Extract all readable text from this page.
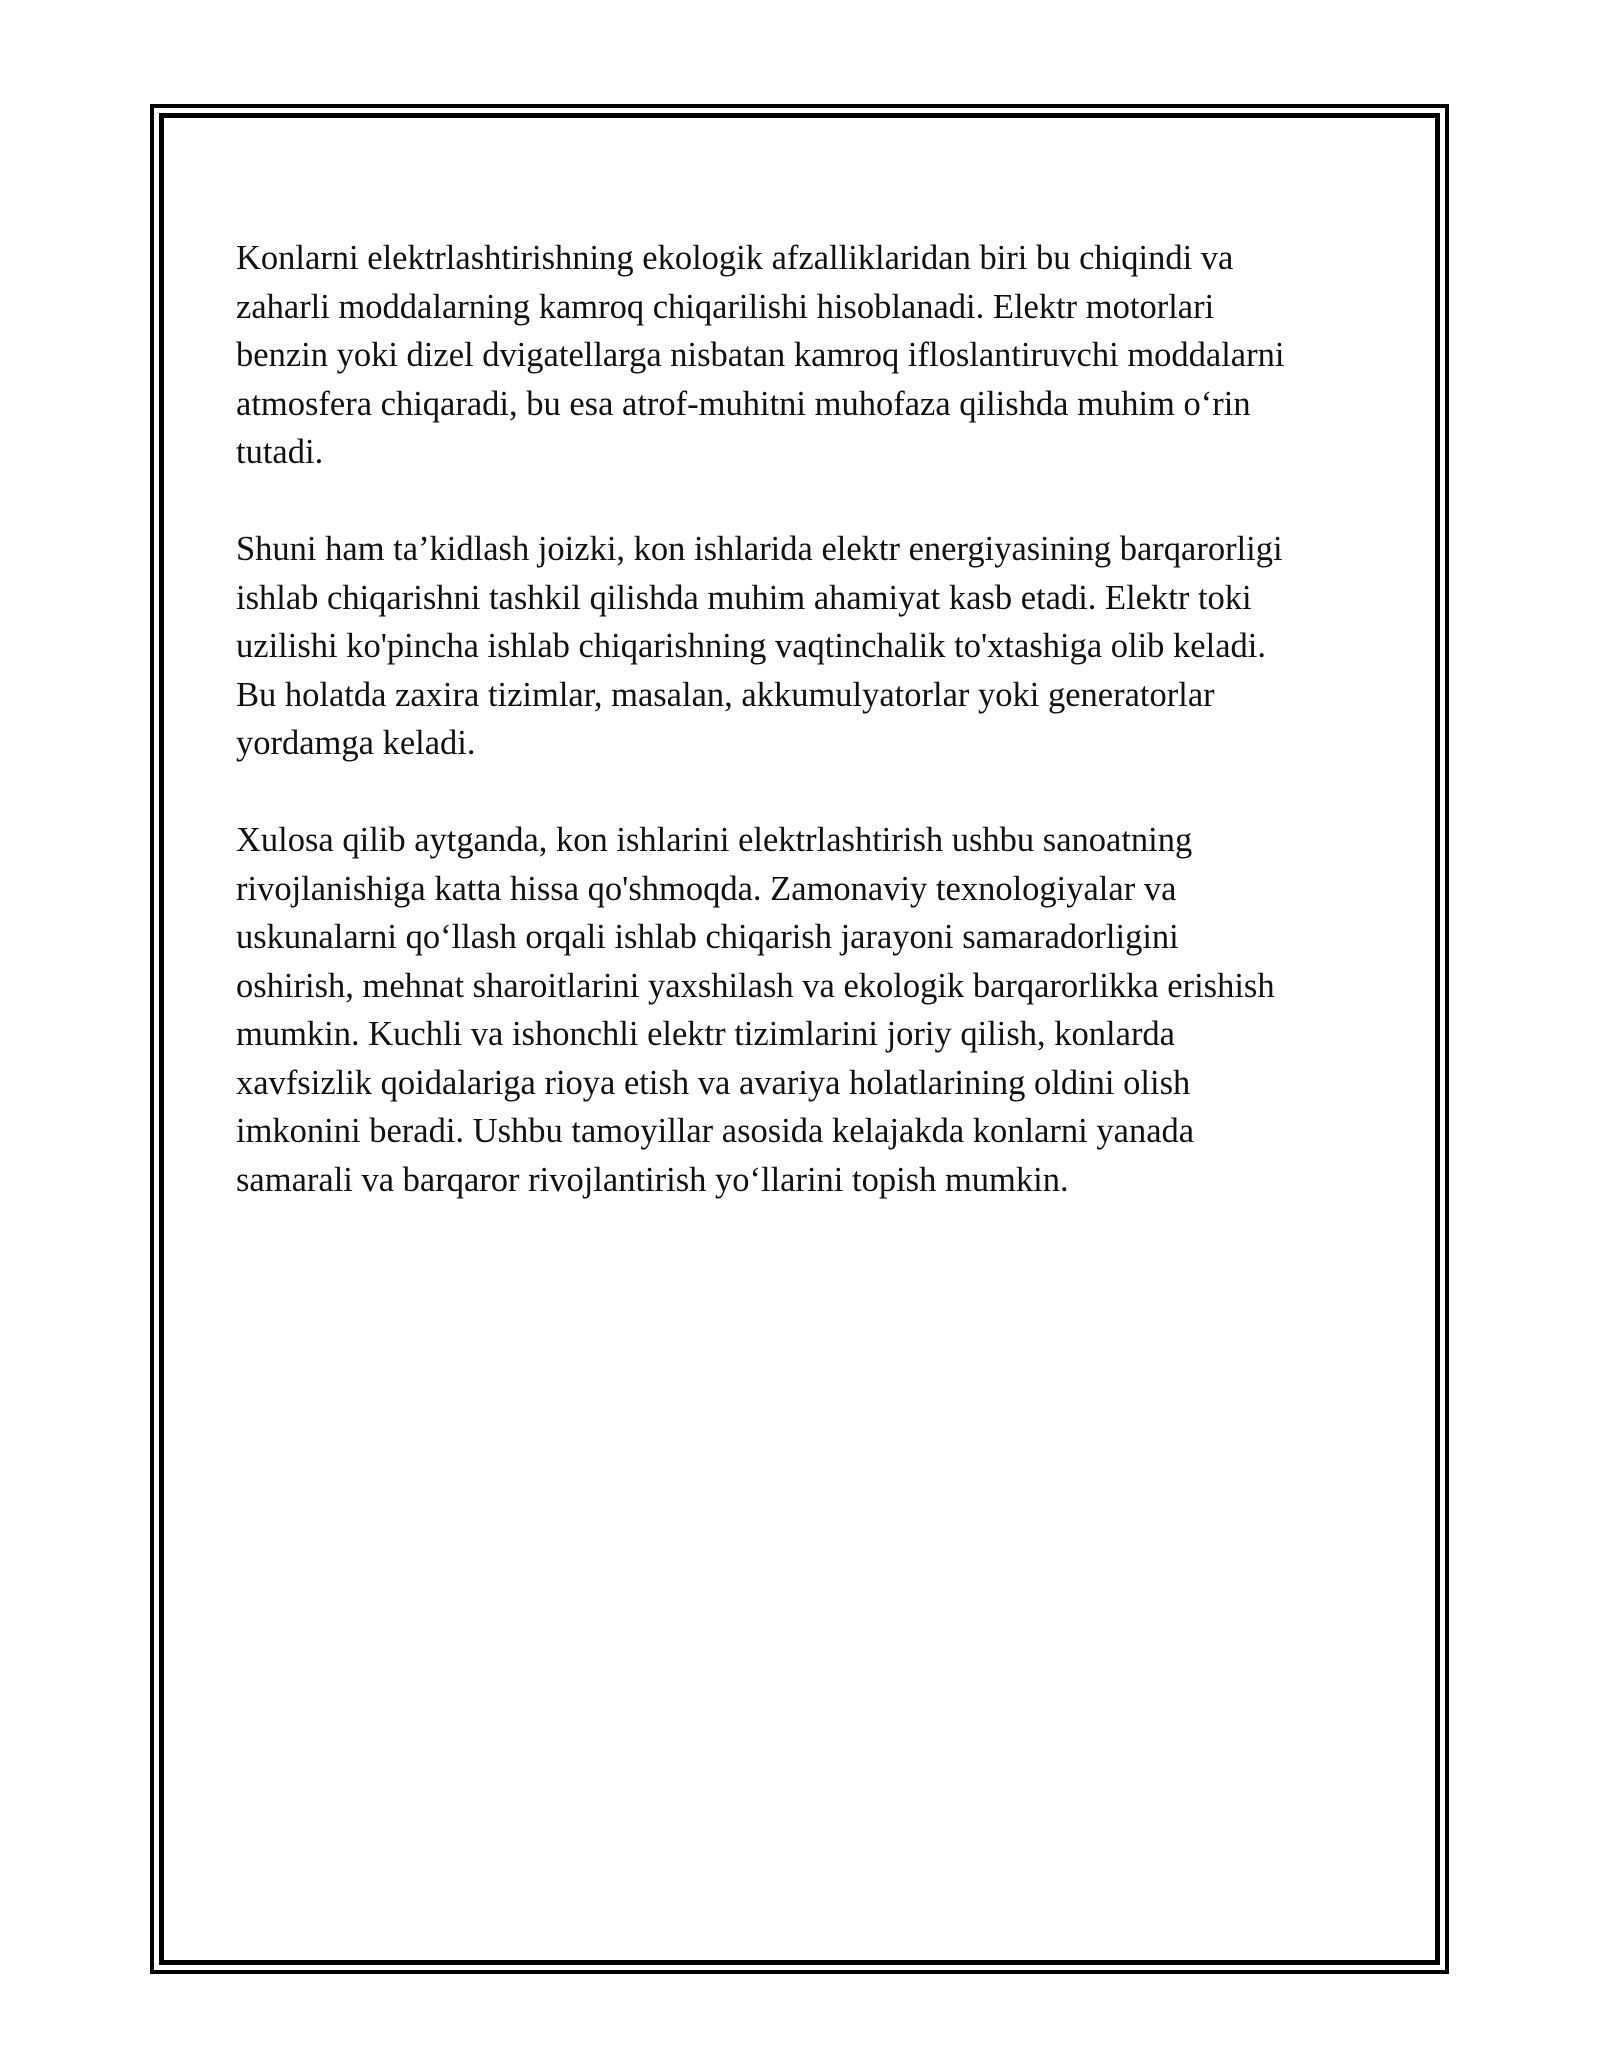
Konlarni elektrlashtirishning ekologik afzalliklaridan biri bu chiqindi va
zaharli moddalarning kamroq chiqarilishi hisoblanadi. Elektr motorlari
benzin yoki dizel dvigatellarga nisbatan kamroq ifloslantiruvchi moddalarni
atmosfera chiqaradi, bu esa atrof-muhitni muhofaza qilishda muhim o‘rin
tutadi.

Shuni ham ta’kidlash joizki, kon ishlarida elektr energiyasining barqarorligi
ishlab chiqarishni tashkil qilishda muhim ahamiyat kasb etadi. Elektr toki
uzilishi ko'pincha ishlab chiqarishning vaqtinchalik to'xtashiga olib keladi.
Bu holatda zaxira tizimlar, masalan, akkumulyatorlar yoki generatorlar
yordamga keladi.

Xulosa qilib aytganda, kon ishlarini elektrlashtirish ushbu sanoatning
rivojlanishiga katta hissa qo'shmoqda. Zamonaviy texnologiyalar va
uskunalarni qo‘llash orqali ishlab chiqarish jarayoni samaradorligini
oshirish, mehnat sharoitlarini yaxshilash va ekologik barqarorlikka erishish
mumkin. Kuchli va ishonchli elektr tizimlarini joriy qilish, konlarda
xavfsizlik qoidalariga rioya etish va avariya holatlarining oldini olish
imkonini beradi. Ushbu tamoyillar asosida kelajakda konlarni yanada
samarali va barqaror rivojlantirish yo‘llarini topish mumkin.
